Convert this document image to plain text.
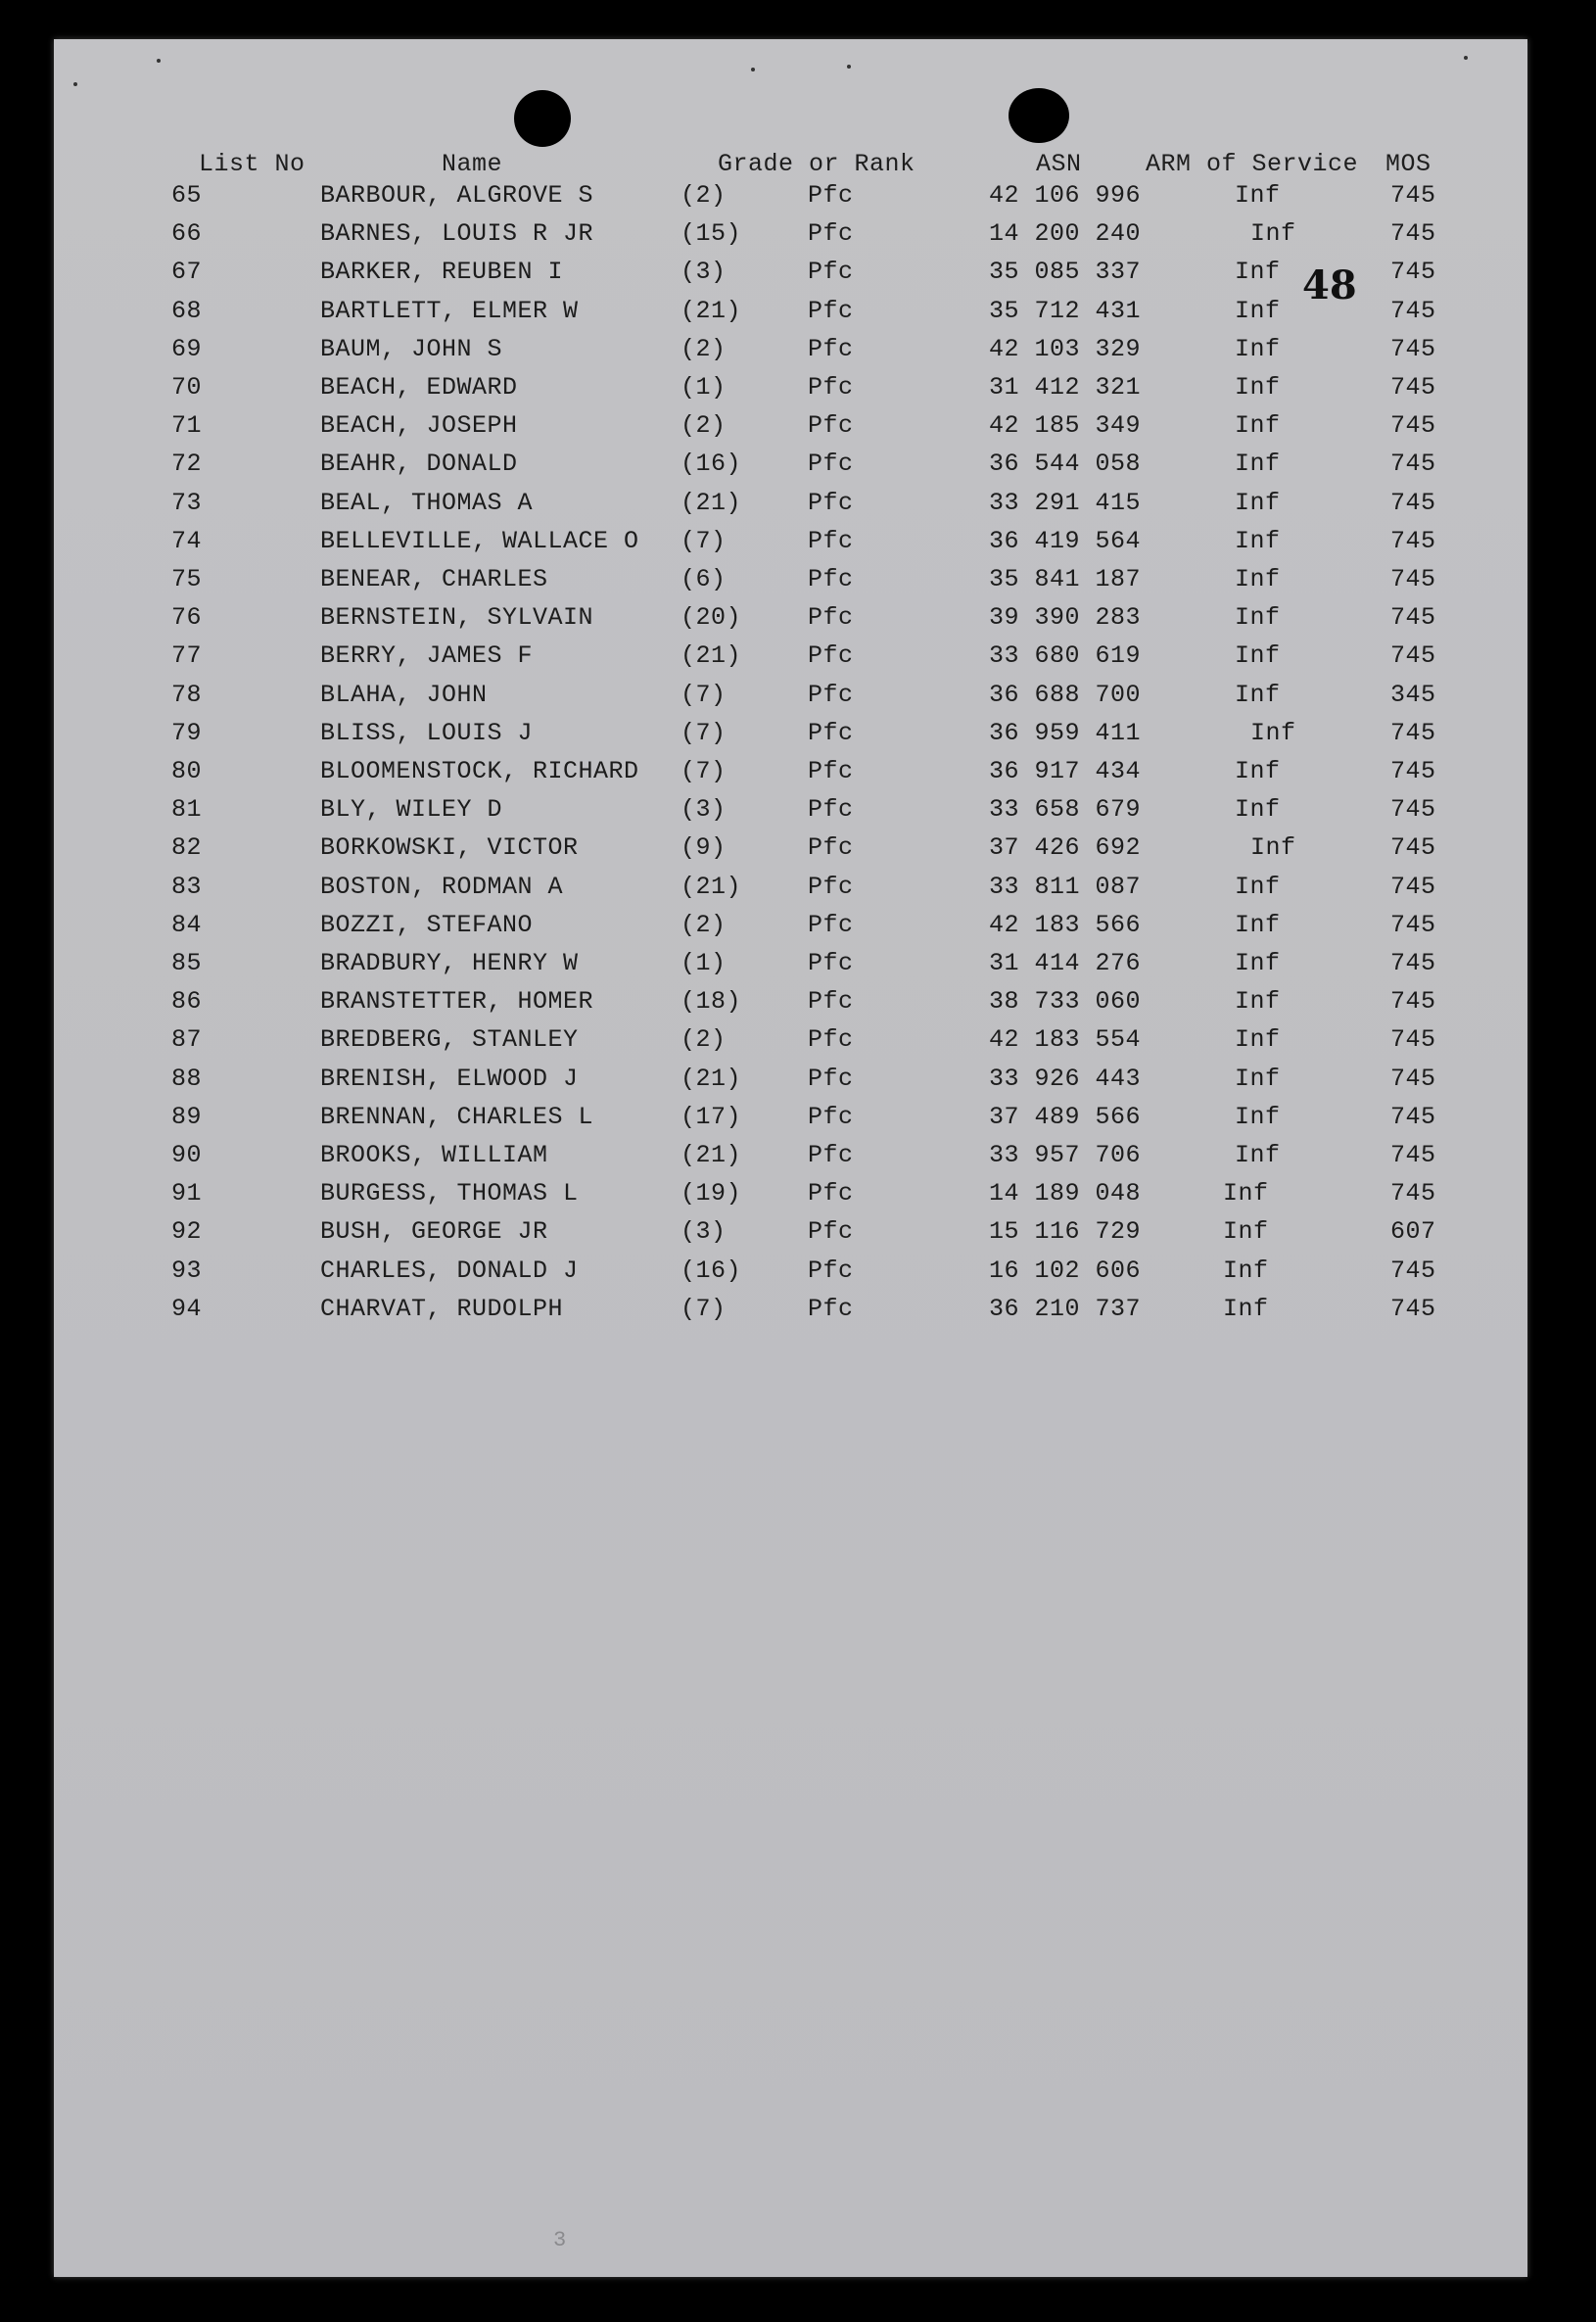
List No	Name	Grade or Rank	ASN	ARM of Service MOS
48
65	BARBOUR, ALGROVE S	(2)	Pfc	42 106 996	Inf	745
66	BARNES, LOUIS R JR	(15)	Pfc	14 200 240	Inf	745
67	BARKER, REUBEN I	(3)	Pfc	35 085 337	Inf	745
68	BARTLETT, ELMER W	(21)	Pfc	35 712 431	Inf	745
69	BAUM, JOHN S	(2)	Pfc	42 103 329	Inf	745
70	BEACH, EDWARD	(1)	Pfc	31 412 321	Inf	745
71	BEACH, JOSEPH	(2)	Pfc	42 185 349	Inf	745
72	BEAHR, DONALD	(16)	Pfc	36 544 058	Inf	745
73	BEAL, THOMAS A	(21)	Pfc	33 291 415	Inf	745
74	BELLEVILLE, WALLACE O (7)	Pfc	36 419 564	Inf	745
75	BENEAR, CHARLES	(6)	Pfc	35 841 187	Inf	745
76	BERNSTEIN, SYLVAIN	(20)	Pfc	39 390 283	Inf	745
77	BERRY, JAMES F	(21)	Pfc	33 680 619	Inf	745
78	BLAHA, JOHN	(7)	Pfc	36 688 700	Inf	345
79	BLISS, LOUIS J	(7)	Pfc	36 959 411	Inf	745
80	BLOOMENSTOCK, RICHARD (7)	Pfc	36 917 434	Inf	745
81	BLY, WILEY D	(3)	Pfc	33 658 679	Inf	745
82	BORKOWSKI, VICTOR	(9)	Pfc	37 426 692	Inf	745
83	BOSTON, RODMAN A	(21)	Pfc	33 811 087	Inf	745
84	BOZZI, STEFANO	(2)	Pfc	42 183 566	Inf	745
85	BRADBURY, HENRY W	(1)	Pfc	31 414 276	Inf	745
86	BRANSTETTER, HOMER	(18)	Pfc	38 733 060	Inf	745
87	BREDBERG, STANLEY	(2)	Pfc	42 183 554	Inf	745
88	BRENISH, ELWOOD J	(21)	Pfc	33 926 443	Inf	745
89	BRENNAN, CHARLES L	(17)	Pfc	37 489 566	Inf	745
90	BROOKS, WILLIAM	(21)	Pfc	33 957 706	Inf	745
91	BURGESS, THOMAS L	(19)	Pfc	14 189 048	Inf	745
92	BUSH, GEORGE JR	(3)	Pfc	15 116 729	Inf	607
93	CHARLES, DONALD J	(16)	Pfc	16 102 606	Inf	745
94	CHARVAT, RUDOLPH	(7)	Pfc	36 210 737	Inf	745
3
